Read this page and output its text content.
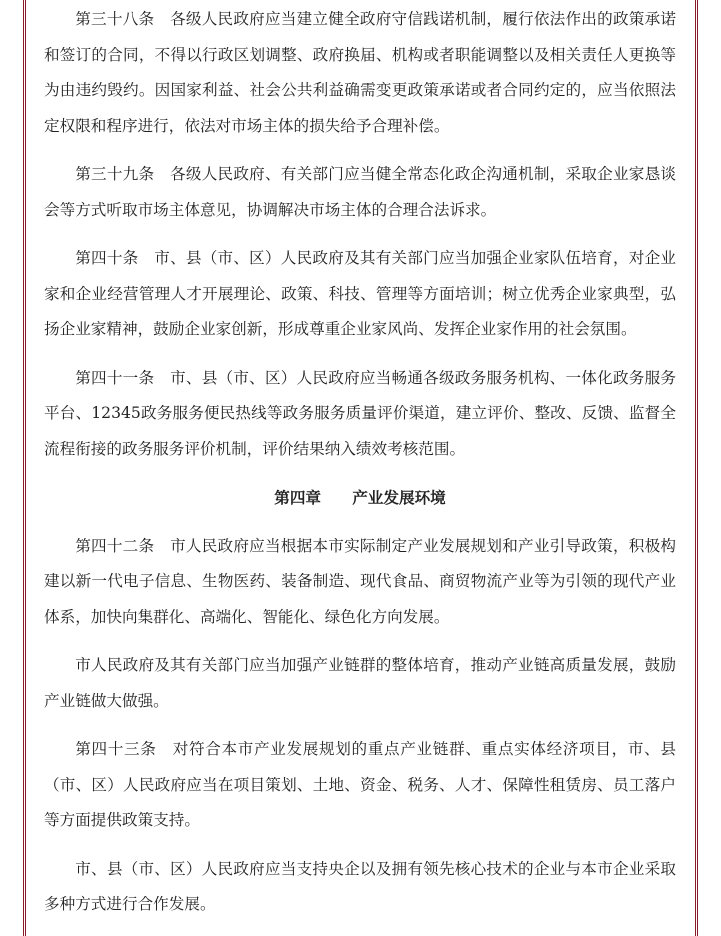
第三十八条　各级人民政府应当建立健全政府守信践诺机制，履行依法作出的政策承诺和签订的合同，不得以行政区划调整、政府换届、机构或者职能调整以及相关责任人更换等为由违约毁约。因国家利益、社会公共利益确需变更政策承诺或者合同约定的，应当依照法定权限和程序进行，依法对市场主体的损失给予合理补偿。

第三十九条　各级人民政府、有关部门应当健全常态化政企沟通机制，采取企业家恳谈会等方式听取市场主体意见，协调解决市场主体的合理合法诉求。

第四十条　市、县（市、区）人民政府及其有关部门应当加强企业家队伍培育，对企业家和企业经营管理人才开展理论、政策、科技、管理等方面培训；树立优秀企业家典型，弘扬企业家精神，鼓励企业家创新，形成尊重企业家风尚、发挥企业家作用的社会氛围。

第四十一条　市、县（市、区）人民政府应当畅通各级政务服务机构、一体化政务服务平台、12345政务服务便民热线等政务服务质量评价渠道，建立评价、整改、反馈、监督全流程衔接的政务服务评价机制，评价结果纳入绩效考核范围。

第四章　　产业发展环境

第四十二条　市人民政府应当根据本市实际制定产业发展规划和产业引导政策，积极构建以新一代电子信息、生物医药、装备制造、现代食品、商贸物流产业等为引领的现代产业体系，加快向集群化、高端化、智能化、绿色化方向发展。

市人民政府及其有关部门应当加强产业链群的整体培育，推动产业链高质量发展，鼓励产业链做大做强。

第四十三条　对符合本市产业发展规划的重点产业链群、重点实体经济项目，市、县（市、区）人民政府应当在项目策划、土地、资金、税务、人才、保障性租赁房、员工落户等方面提供政策支持。

市、县（市、区）人民政府应当支持央企以及拥有领先核心技术的企业与本市企业采取多种方式进行合作发展。
